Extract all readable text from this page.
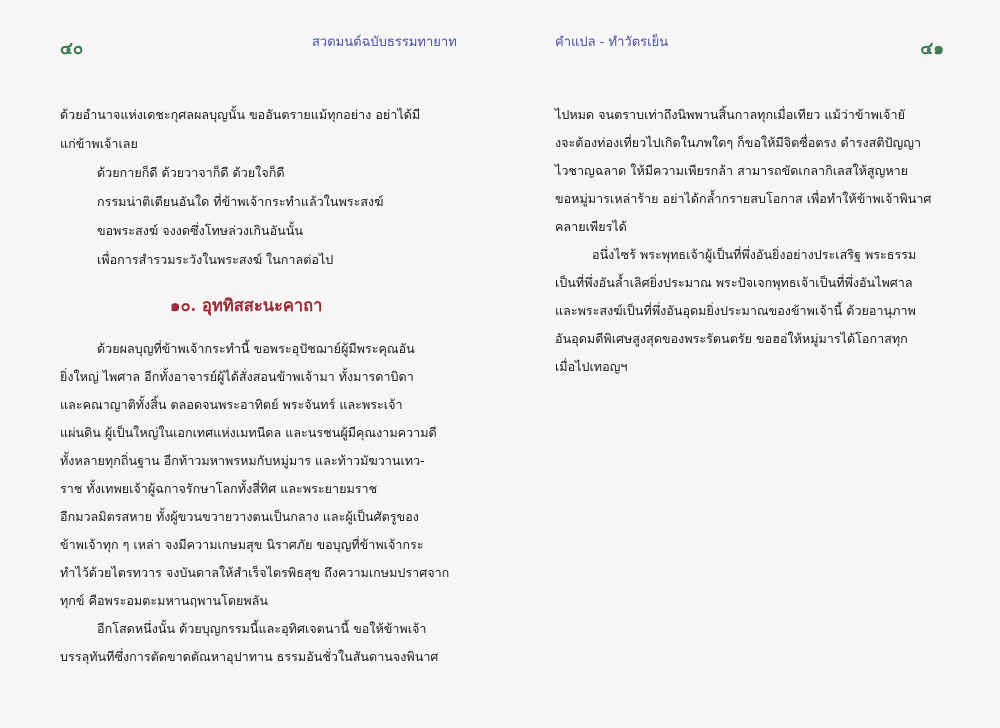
๔๐	สวดมนต์ฉบับธรรมทายาท
ด้วยอำนาจแห่งเดชะกุศลผลบุญนั้น ขออันตรายแม้ทุกอย่าง อย่าได้มี
แก่ข้าพเจ้าเลย
ด้วยกายก็ดี ด้วยวาจาก็ดี ด้วยใจก็ดี
กรรมน่าติเตียนอันใด ที่ข้าพเจ้ากระทำแล้วในพระสงฆ์
ขอพระสงฆ์ จงงดซึ่งโทษล่วงเกินอันนั้น
เพื่อการสำรวมระวังในพระสงฆ์ ในกาลต่อไป
ด้วยผลบุญที่ข้าพเจ้ากระทำนี้ ขอพระอุปัชฌาย์ผู้มีพระคุณอัน
ยิ่งใหญ่ ไพศาล อีกทั้งอาจารย์ผู้ได้สั่งสอนข้าพเจ้ามา ทั้งมารดาบิดา
และคณาญาติทั้งสิ้น ตลอดจนพระอาทิตย์ พระจันทร์ และพระเจ้า
แผ่นดิน ผู้เป็นใหญ่ในเอกเทศแห่งเมทนีดล และนรชนผู้มีคุณงามความดี
ทั้งหลายทุกถิ่นฐาน อีกท้าวมหาพรหมกับหมู่มาร และท้าวมัฆวานเทว-
ราช ทั้งเทพยเจ้าผู้ฉกาจรักษาโลกทั้งสี่ทิศ และพระยายมราช
อีกมวลมิตรสหาย ทั้งผู้ขวนขวายวางตนเป็นกลาง และผู้เป็นศัตรูของ
ข้าพเจ้าทุก ๆ เหล่า จงมีความเกษมสุข นิราศภัย ขอบุญที่ข้าพเจ้ากระ
ทำไว้ด้วยไตรทวาร จงบันดาลให้สำเร็จไตรพิธสุข ถึงความเกษมปราศจาก
ทุกข์ คือพระอมตะมหานฤพานโดยพลัน
อีกโสดหนึ่งนั้น ด้วยบุญกรรมนี้และอุทิศเจตนานี้ ขอให้ข้าพเจ้า
บรรลุทันทีซึ่งการตัดขาดตัณหาอุปาทาน ธรรมอันชั่วในสันดานจงพินาศ
๑๐. อุททิสสะนะคาถา
คำแปล - ทำวัตรเย็น	๔๑
ไปหมด จนตราบเท่าถึงนิพพานสิ้นกาลทุกเมื่อเทียว แม้ว่าข้าพเจ้ายั
งจะต้องท่องเที่ยวไปเกิดในภพใดๆ ก็ขอให้มีจิตซื่อตรง ดำรงสติปัญญา
ไวชาญฉลาด ให้มีความเพียรกล้า สามารถขัดเกลากิเลสให้สูญหาย
ขอหมู่มารเหล่าร้าย อย่าได้กล้ำกรายสบโอกาส เพื่อทำให้ข้าพเจ้าพินาศ
คลายเพียรได้
อนึ่งไซร้ พระพุทธเจ้าผู้เป็นที่พึ่งอันยิ่งอย่างประเสริฐ พระธรรม
เป็นที่พึ่งอันล้ำเลิศยิ่งประมาณ พระปัจเจกพุทธเจ้าเป็นที่พึ่งอันไพศาล
และพระสงฆ์เป็นที่พึ่งอันอุดมยิ่งประมาณของข้าพเจ้านี้ ด้วยอานุภาพ
อันอุดมดีพิเศษสูงสุดของพระรัตนตรัย ขอฮอ่ให้หมู่มารได้โอกาสทุก
เมื่อไปเทอญฯ
